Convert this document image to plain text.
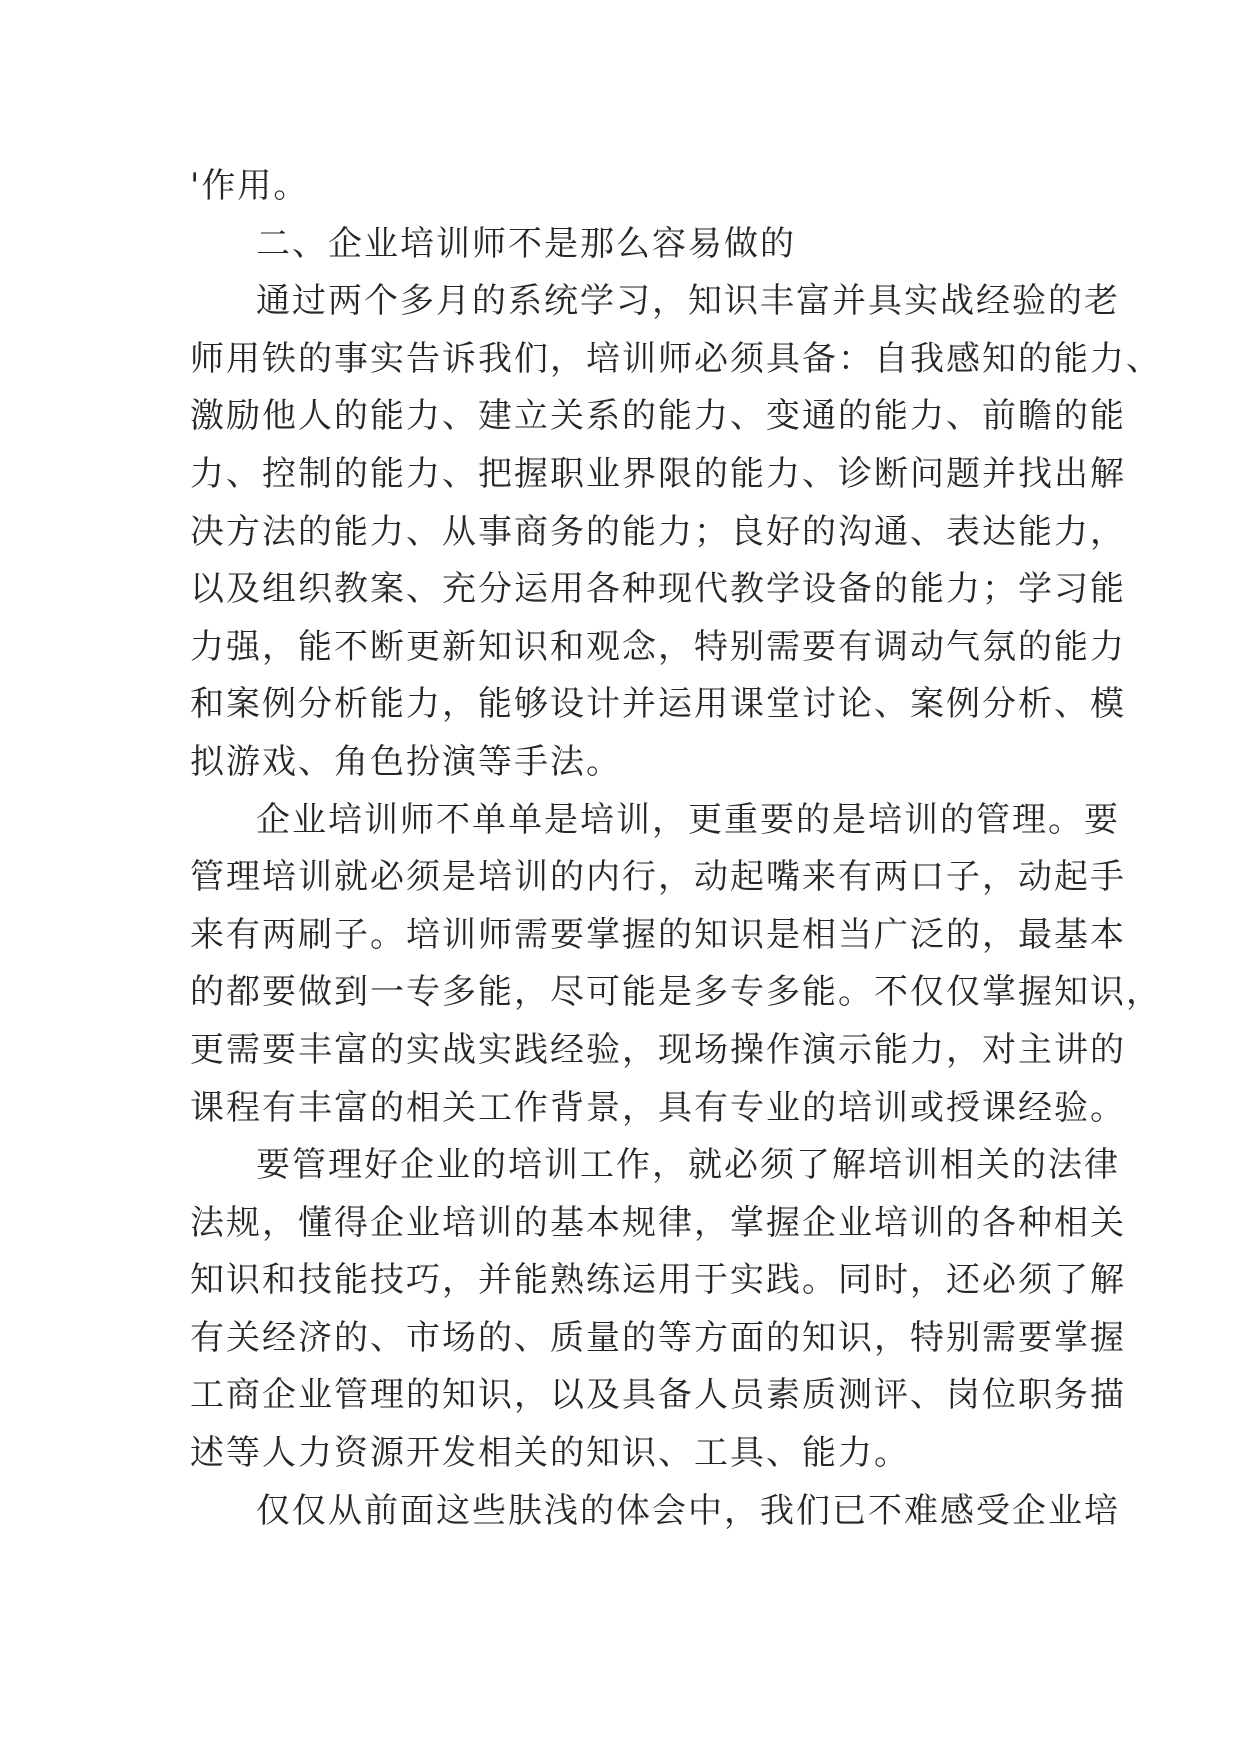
'作用。
二、企业培训师不是那么容易做的
通过两个多月的系统学习，知识丰富并具实战经验的老
师用铁的事实告诉我们，培训师必须具备：自我感知的能力、
激励他人的能力、建立关系的能力、变通的能力、前瞻的能
力、控制的能力、把握职业界限的能力、诊断问题并找出解
决方法的能力、从事商务的能力；良好的沟通、表达能力，
以及组织教案、充分运用各种现代教学设备的能力；学习能
力强，能不断更新知识和观念，特别需要有调动气氛的能力
和案例分析能力，能够设计并运用课堂讨论、案例分析、模
拟游戏、角色扮演等手法。
企业培训师不单单是培训，更重要的是培训的管理。要
管理培训就必须是培训的内行，动起嘴来有两口子，动起手
来有两刷子。培训师需要掌握的知识是相当广泛的，最基本
的都要做到一专多能，尽可能是多专多能。不仅仅掌握知识，
更需要丰富的实战实践经验，现场操作演示能力，对主讲的
课程有丰富的相关工作背景，具有专业的培训或授课经验。
要管理好企业的培训工作，就必须了解培训相关的法律
法规，懂得企业培训的基本规律，掌握企业培训的各种相关
知识和技能技巧，并能熟练运用于实践。同时，还必须了解
有关经济的、市场的、质量的等方面的知识，特别需要掌握
工商企业管理的知识，以及具备人员素质测评、岗位职务描
述等人力资源开发相关的知识、工具、能力。
仅仅从前面这些肤浅的体会中，我们已不难感受企业培
